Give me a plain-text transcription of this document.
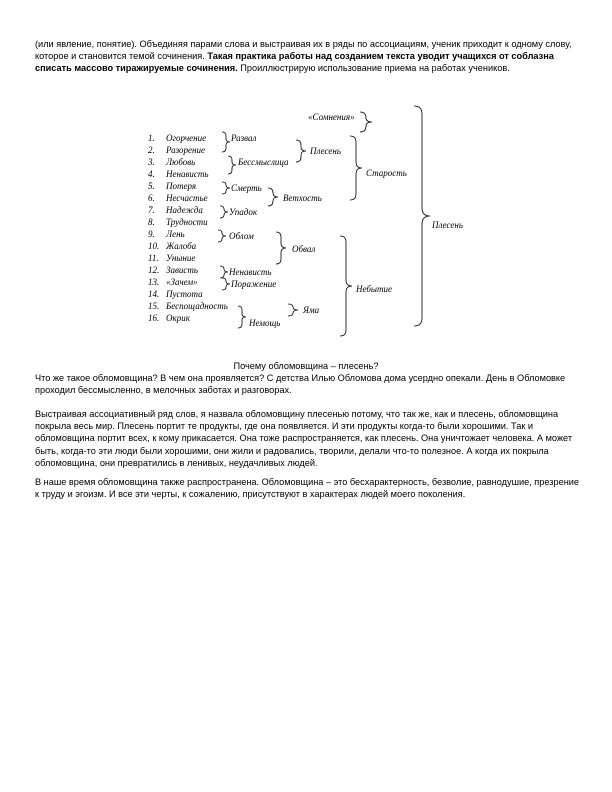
(или явление, понятие). Объединяя парами слова и выстраивая их в ряды по ассоциациям, ученик приходит к одному слову, которое и становится темой сочинения. Такая практика работы над созданием текста уводит учащихся от соблазна списать массово тиражируемые сочинения. Проиллюстрирую использование приема на работах учеников.

1. Огорчение
2. Разорение
3. Любовь
4. Ненависть
5. Потеря
6. Несчастье
7. Надежда
8. Трудности
9. Лень
10. Жалоба
11. Уныние
12. Зависть
13. «Зачем»
14. Пустота
15. Беспощадность
16. Окрик
Развал
Бессмыслица
Смерть
Упадок
Облом
Ненависть
Поражение
Немощь
Плесень
Ветхость
Обвал
Яма
«Сомнения»
Старость
Небытие
Плесень

Почему обломовщина – плесень?

Что же такое обломовщина? В чем она проявляется? С детства Илью Обломова дома усердно опекали. День в Обломовке проходил бессмысленно, в мелочных заботах и разговорах.

Выстраивая ассоциативный ряд слов, я назвала обломовщину плесенью потому, что так же, как и плесень, обломовщина покрыла весь мир. Плесень портит те продукты, где она появляется. И эти продукты когда-то были хорошими. Так и обломовщина портит всех, к кому прикасается. Она тоже распространяется, как плесень. Она уничтожает человека. А может быть, когда-то эти люди были хорошими, они жили и радовались, творили, делали что-то полезное. А когда их покрыла обломовщина, они превратились в ленивых, неудачливых людей.

В наше время обломовщина также распространена. Обломовщина – это бесхарактерность, безволие, равнодушие, презрение к труду и эгоизм. И все эти черты, к сожалению, присутствуют в характерах людей моего поколения.
